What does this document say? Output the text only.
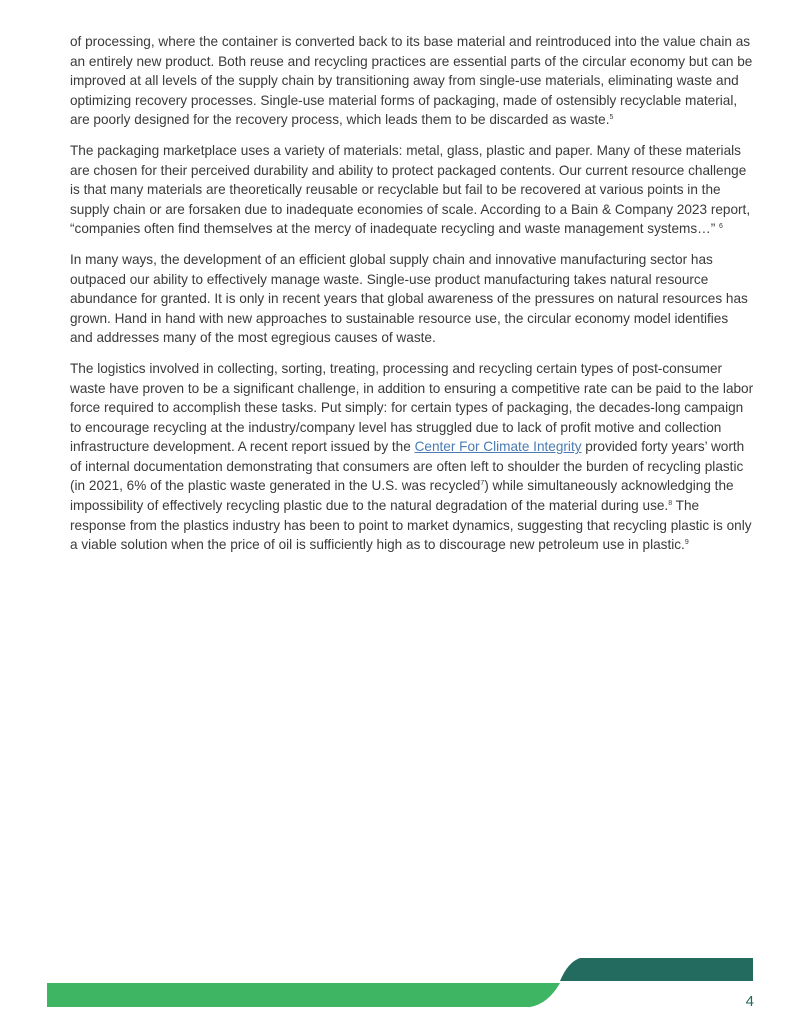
of processing, where the container is converted back to its base material and reintroduced into the value chain as an entirely new product. Both reuse and recycling practices are essential parts of the circular economy but can be improved at all levels of the supply chain by transitioning away from single-use materials, eliminating waste and optimizing recovery processes. Single-use material forms of packaging, made of ostensibly recyclable material, are poorly designed for the recovery process, which leads them to be discarded as waste.$^5$

The packaging marketplace uses a variety of materials: metal, glass, plastic and paper. Many of these materials are chosen for their perceived durability and ability to protect packaged contents. Our current resource challenge is that many materials are theoretically reusable or recyclable but fail to be recovered at various points in the supply chain or are forsaken due to inadequate economies of scale. According to a Bain & Company 2023 report, “companies often find themselves at the mercy of inadequate recycling and waste management systems…” $^6$

In many ways, the development of an efficient global supply chain and innovative manufacturing sector has outpaced our ability to effectively manage waste. Single-use product manufacturing takes natural resource abundance for granted. It is only in recent years that global awareness of the pressures on natural resources has grown. Hand in hand with new approaches to sustainable resource use, the circular economy model identifies and addresses many of the most egregious causes of waste.

The logistics involved in collecting, sorting, treating, processing and recycling certain types of post-consumer waste have proven to be a significant challenge, in addition to ensuring a competitive rate can be paid to the labor force required to accomplish these tasks. Put simply: for certain types of packaging, the decades-long campaign to encourage recycling at the industry/company level has struggled due to lack of profit motive and collection infrastructure development. A recent report issued by the Center For Climate Integrity provided forty years’ worth of internal documentation demonstrating that consumers are often left to shoulder the burden of recycling plastic (in 2021, 6% of the plastic waste generated in the U.S. was recycled$^7$) while simultaneously acknowledging the impossibility of effectively recycling plastic due to the natural degradation of the material during use.$^8$ The response from the plastics industry has been to point to market dynamics, suggesting that recycling plastic is only a viable solution when the price of oil is sufficiently high as to discourage new petroleum use in plastic.$^9$

4
